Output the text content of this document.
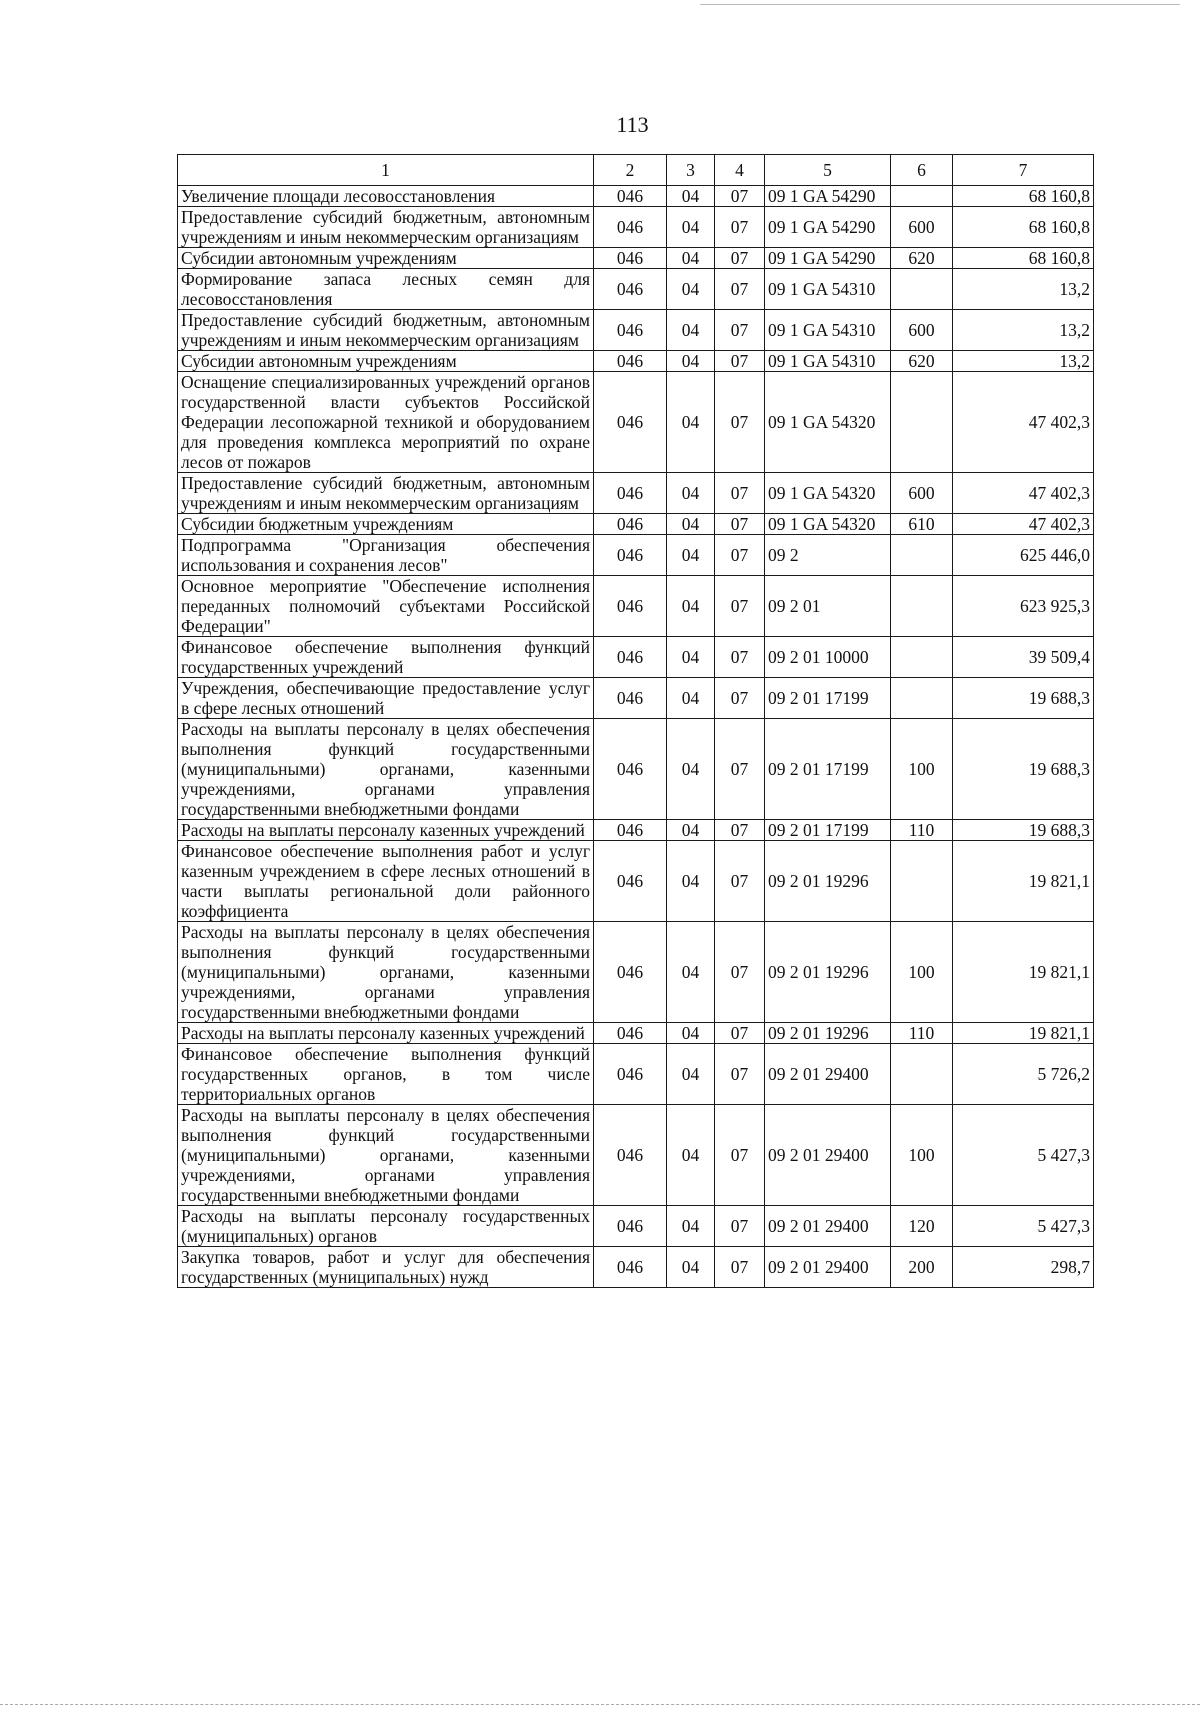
113
1	2	3	4	5	6	7
Увеличение площади лесовосстановления	046	04	07	09 1 GA 54290		68 160,8
Предоставление субсидий бюджетным, автономным учреждениям и иным некоммерческим организациям	046	04	07	09 1 GA 54290	600	68 160,8
Субсидии автономным учреждениям	046	04	07	09 1 GA 54290	620	68 160,8
Формирование запаса лесных семян для лесовосстановления	046	04	07	09 1 GA 54310		13,2
Предоставление субсидий бюджетным, автономным учреждениям и иным некоммерческим организациям	046	04	07	09 1 GA 54310	600	13,2
Субсидии автономным учреждениям	046	04	07	09 1 GA 54310	620	13,2
Оснащение специализированных учреждений органов государственной власти субъектов Российской Федерации лесопожарной техникой и оборудованием для проведения комплекса мероприятий по охране лесов от пожаров	046	04	07	09 1 GA 54320		47 402,3
Предоставление субсидий бюджетным, автономным учреждениям и иным некоммерческим организациям	046	04	07	09 1 GA 54320	600	47 402,3
Субсидии бюджетным учреждениям	046	04	07	09 1 GA 54320	610	47 402,3
Подпрограмма "Организация обеспечения использования и сохранения лесов"	046	04	07	09 2		625 446,0
Основное мероприятие "Обеспечение исполнения переданных полномочий субъектами Российской Федерации"	046	04	07	09 2 01		623 925,3
Финансовое обеспечение выполнения функций государственных учреждений	046	04	07	09 2 01 10000		39 509,4
Учреждения, обеспечивающие предоставление услуг в сфере лесных отношений	046	04	07	09 2 01 17199		19 688,3
Расходы на выплаты персоналу в целях обеспечения выполнения функций государственными (муниципальными) органами, казенными учреждениями, органами управления государственными внебюджетными фондами	046	04	07	09 2 01 17199	100	19 688,3
Расходы на выплаты персоналу казенных учреждений	046	04	07	09 2 01 17199	110	19 688,3
Финансовое обеспечение выполнения работ и услуг казенным учреждением в сфере лесных отношений в части выплаты региональной доли районного коэффициента	046	04	07	09 2 01 19296		19 821,1
Расходы на выплаты персоналу в целях обеспечения выполнения функций государственными (муниципальными) органами, казенными учреждениями, органами управления государственными внебюджетными фондами	046	04	07	09 2 01 19296	100	19 821,1
Расходы на выплаты персоналу казенных учреждений	046	04	07	09 2 01 19296	110	19 821,1
Финансовое обеспечение выполнения функций государственных органов, в том числе территориальных органов	046	04	07	09 2 01 29400		5 726,2
Расходы на выплаты персоналу в целях обеспечения выполнения функций государственными (муниципальными) органами, казенными учреждениями, органами управления государственными внебюджетными фондами	046	04	07	09 2 01 29400	100	5 427,3
Расходы на выплаты персоналу государственных (муниципальных) органов	046	04	07	09 2 01 29400	120	5 427,3
Закупка товаров, работ и услуг для обеспечения государственных (муниципальных) нужд	046	04	07	09 2 01 29400	200	298,7
